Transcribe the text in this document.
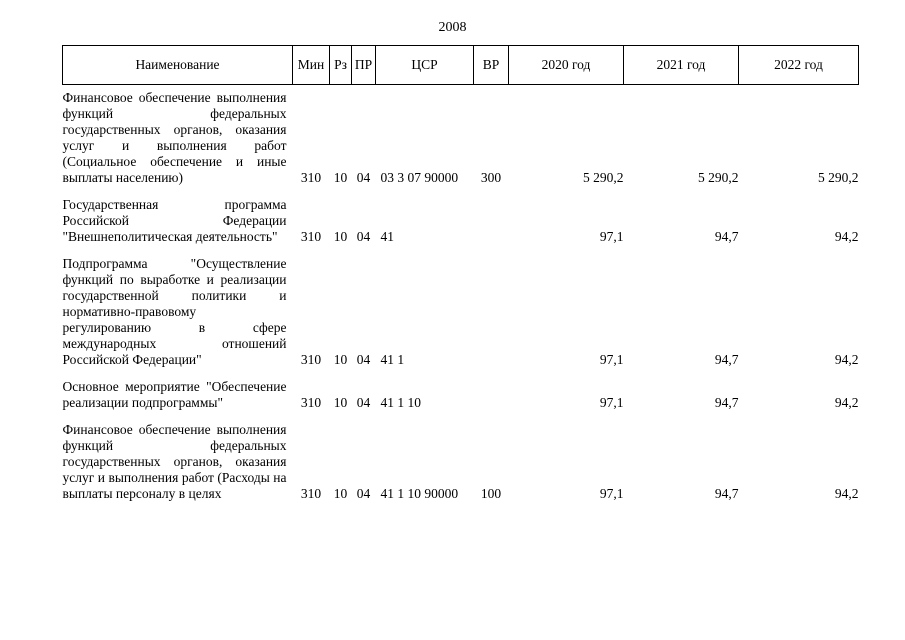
2008
Наименование	Мин	Рз	ПР	ЦСР	ВР	2020 год	2021 год	2022 год
Финансовое обеспечение выполнения функций федеральных государственных органов, оказания услуг и выполнения работ (Социальное обеспечение и иные выплаты населению)	310	10	04	03 3 07 90000	300	5 290,2	5 290,2	5 290,2
Государственная программа Российской Федерации "Внешнеполитическая деятельность"	310	10	04	41		97,1	94,7	94,2
Подпрограмма "Осуществление функций по выработке и реализации государственной политики и нормативно-правовому регулированию в сфере международных отношений Российской Федерации"	310	10	04	41 1		97,1	94,7	94,2
Основное мероприятие "Обеспечение реализации подпрограммы"	310	10	04	41 1 10		97,1	94,7	94,2
Финансовое обеспечение выполнения функций федеральных государственных органов, оказания услуг и выполнения работ (Расходы на выплаты персоналу в целях	310	10	04	41 1 10 90000	100	97,1	94,7	94,2
